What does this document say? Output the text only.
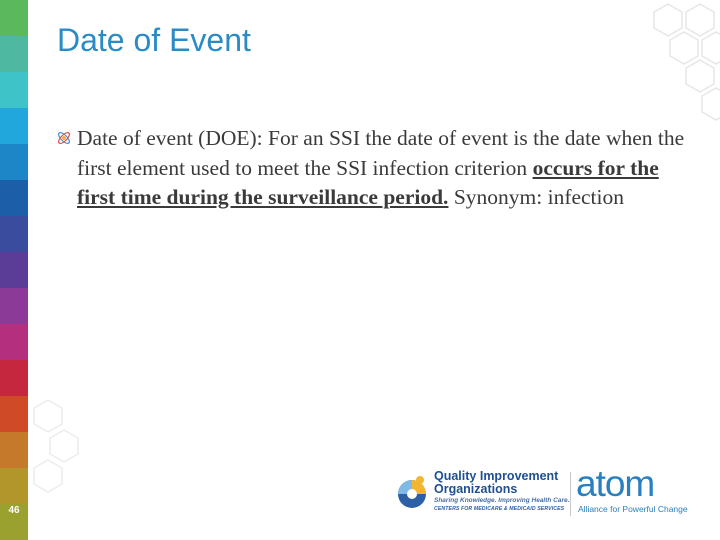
Date of Event
Date of event (DOE): For an SSI the date of event is the date when the first element used to meet the SSI infection criterion occurs for the first time during the surveillance period. Synonym: infection
46
Quality Improvement Organizations
Sharing Knowledge. Improving Health Care.
CENTERS FOR MEDICARE & MEDICAID SERVICES
atom
Alliance for Powerful Change
